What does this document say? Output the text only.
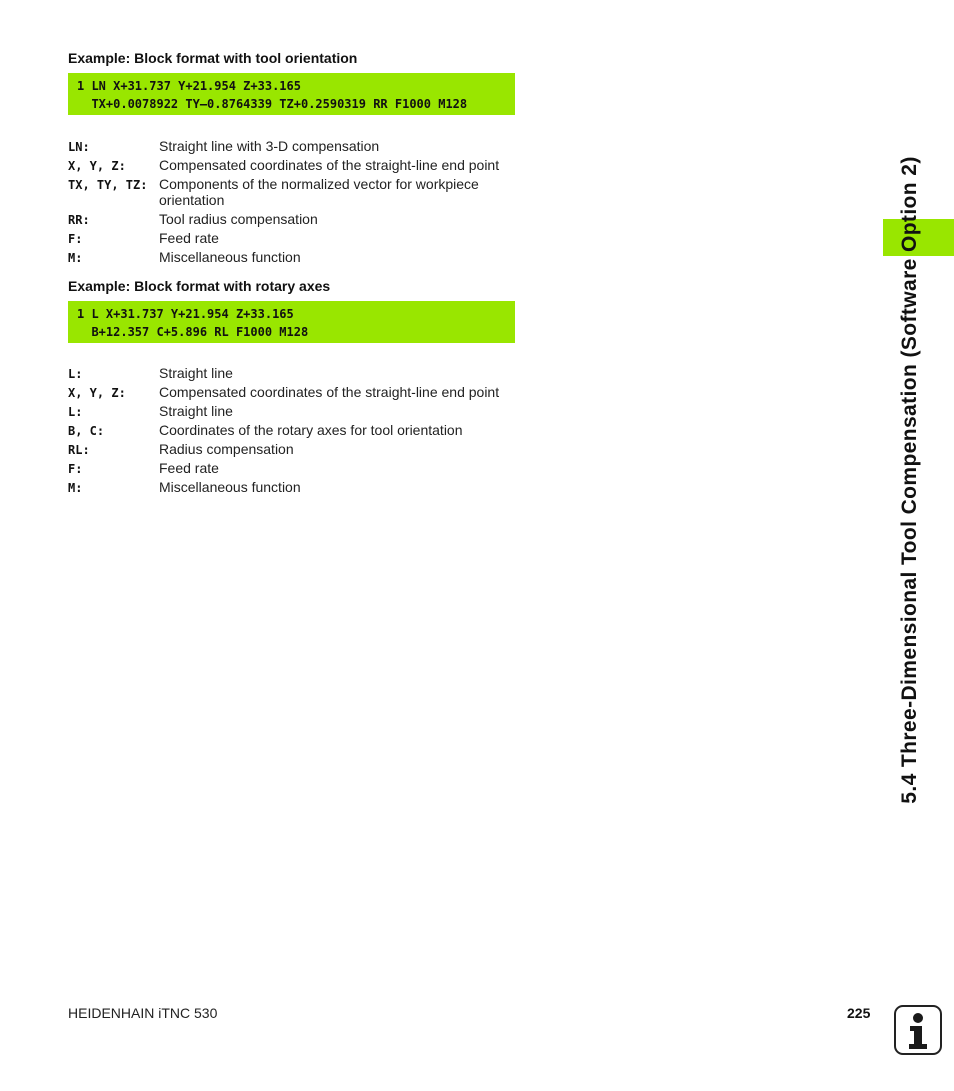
Example: Block format with tool orientation
1 LN X+31.737 Y+21.954 Z+33.165
TX+0.0078922 TY–0.8764339 TZ+0.2590319 RR F1000 M128
LN:	Straight line with 3-D compensation
X, Y, Z: Compensated coordinates of the straight-line end point
TX, TY, TZ: Components of the normalized vector for workpiece orientation
RR:	Tool radius compensation
F:	Feed rate
M:	Miscellaneous function
Example: Block format with rotary axes
1 L X+31.737 Y+21.954 Z+33.165
B+12.357 C+5.896 RL F1000 M128
L:	Straight line
X, Y, Z: Compensated coordinates of the straight-line end point
L:	Straight line
B, C:	Coordinates of the rotary axes for tool orientation
RL:	Radius compensation
F:	Feed rate
M:	Miscellaneous function	5.4 Three-Dimensional Tool Compensation (Software Option 2)
HEIDENHAIN iTNC 530	225
